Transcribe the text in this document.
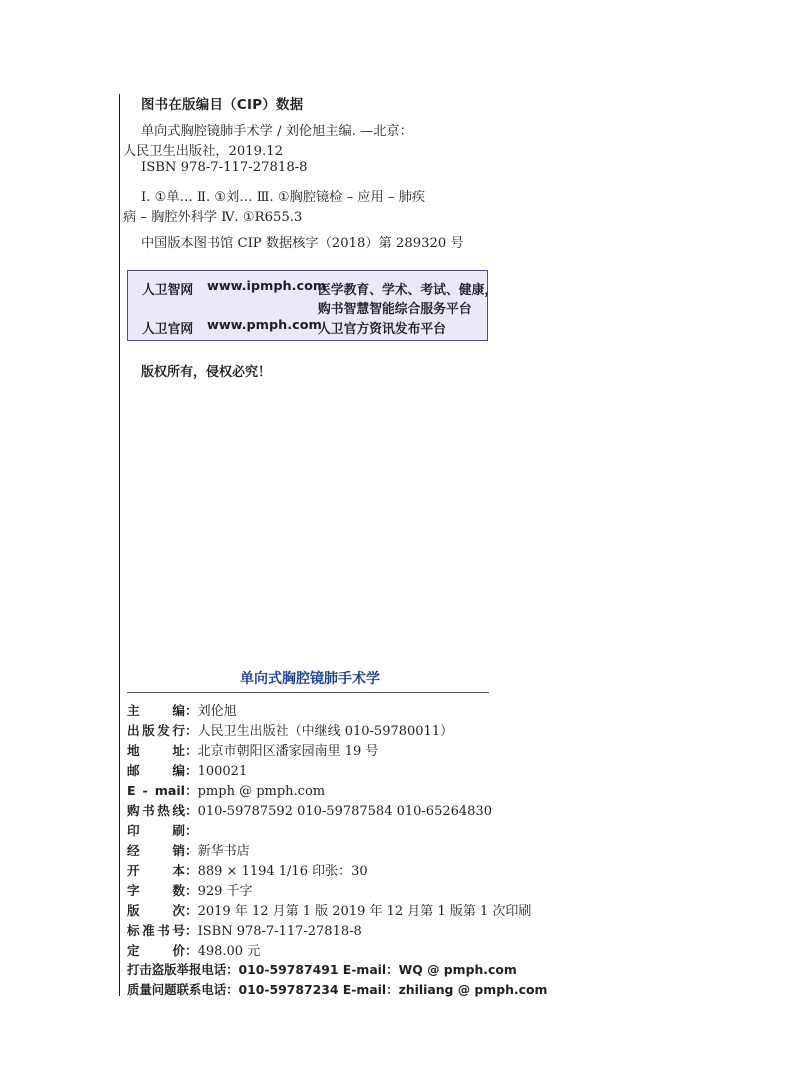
图书在版编目（CIP）数据
单向式胸腔镜肺手术学 / 刘伦旭主编. —北京：
人民卫生出版社，2019.12
ISBN 978-7-117-27818-8
Ⅰ. ①单… Ⅱ. ①刘… Ⅲ. ①胸腔镜检 – 应用 – 肺疾
病 – 胸腔外科学 Ⅳ. ①R655.3
中国版本图书馆 CIP 数据核字（2018）第 289320 号
人卫智网 www.ipmph.com
医学教育、学术、考试、健康，
购书智慧智能综合服务平台
人卫官网 www.pmph.com
人卫官方资讯发布平台
版权所有，侵权必究！
单向式胸腔镜肺手术学
主编：刘伦旭
出版发行：人民卫生出版社（中继线 010-59780011）
地址：北京市朝阳区潘家园南里 19 号
邮编：100021
E - mail：pmph @ pmph.com
购书热线：010-59787592 010-59787584 010-65264830
印刷：
经销：新华书店
开本：889 × 1194 1/16 印张：30
字数：929 千字
版次：2019 年 12 月第 1 版 2019 年 12 月第 1 版第 1 次印刷
标准书号：ISBN 978-7-117-27818-8
定价：498.00 元
打击盗版举报电话：010-59787491 E-mail：WQ @ pmph.com
质量问题联系电话：010-59787234 E-mail：zhiliang @ pmph.com
